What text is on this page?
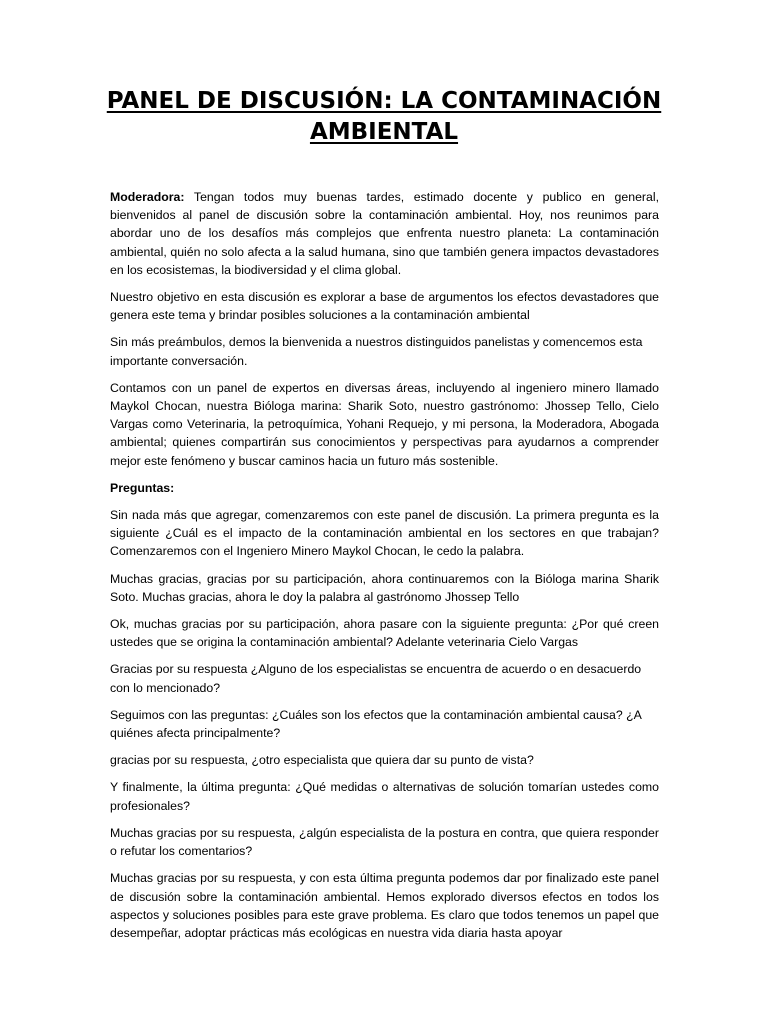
PANEL DE DISCUSIÓN: LA CONTAMINACIÓN AMBIENTAL

Moderadora: Tengan todos muy buenas tardes, estimado docente y publico en general, bienvenidos al panel de discusión sobre la contaminación ambiental. Hoy, nos reunimos para abordar uno de los desafíos más complejos que enfrenta nuestro planeta: La contaminación ambiental, quién no solo afecta a la salud humana, sino que también genera impactos devastadores en los ecosistemas, la biodiversidad y el clima global.

Nuestro objetivo en esta discusión es explorar a base de argumentos los efectos devastadores que genera este tema y brindar posibles soluciones a la contaminación ambiental

Sin más preámbulos, demos la bienvenida a nuestros distinguidos panelistas y comencemos esta importante conversación.

Contamos con un panel de expertos en diversas áreas, incluyendo al ingeniero minero llamado Maykol Chocan, nuestra Bióloga marina: Sharik Soto, nuestro gastrónomo: Jhossep Tello, Cielo Vargas como Veterinaria, la petroquímica, Yohani Requejo, y mi persona, la Moderadora, Abogada ambiental; quienes compartirán sus conocimientos y perspectivas para ayudarnos a comprender mejor este fenómeno y buscar caminos hacia un futuro más sostenible.

Preguntas:

Sin nada más que agregar, comenzaremos con este panel de discusión. La primera pregunta es la siguiente ¿Cuál es el impacto de la contaminación ambiental en los sectores en que trabajan? Comenzaremos con el Ingeniero Minero Maykol Chocan, le cedo la palabra.

Muchas gracias, gracias por su participación, ahora continuaremos con la Bióloga marina Sharik Soto. Muchas gracias, ahora le doy la palabra al gastrónomo Jhossep Tello

Ok, muchas gracias por su participación, ahora pasare con la siguiente pregunta: ¿Por qué creen ustedes que se origina la contaminación ambiental? Adelante veterinaria Cielo Vargas

Gracias por su respuesta ¿Alguno de los especialistas se encuentra de acuerdo o en desacuerdo con lo mencionado?

Seguimos con las preguntas: ¿Cuáles son los efectos que la contaminación ambiental causa? ¿A quiénes afecta principalmente?

gracias por su respuesta, ¿otro especialista que quiera dar su punto de vista?

Y finalmente, la última pregunta: ¿Qué medidas o alternativas de solución tomarían ustedes como profesionales?

Muchas gracias por su respuesta, ¿algún especialista de la postura en contra, que quiera responder o refutar los comentarios?

Muchas gracias por su respuesta, y con esta última pregunta podemos dar por finalizado este panel de discusión sobre la contaminación ambiental. Hemos explorado diversos efectos en todos los aspectos y soluciones posibles para este grave problema. Es claro que todos tenemos un papel que desempeñar, adoptar prácticas más ecológicas en nuestra vida diaria hasta apoyar
